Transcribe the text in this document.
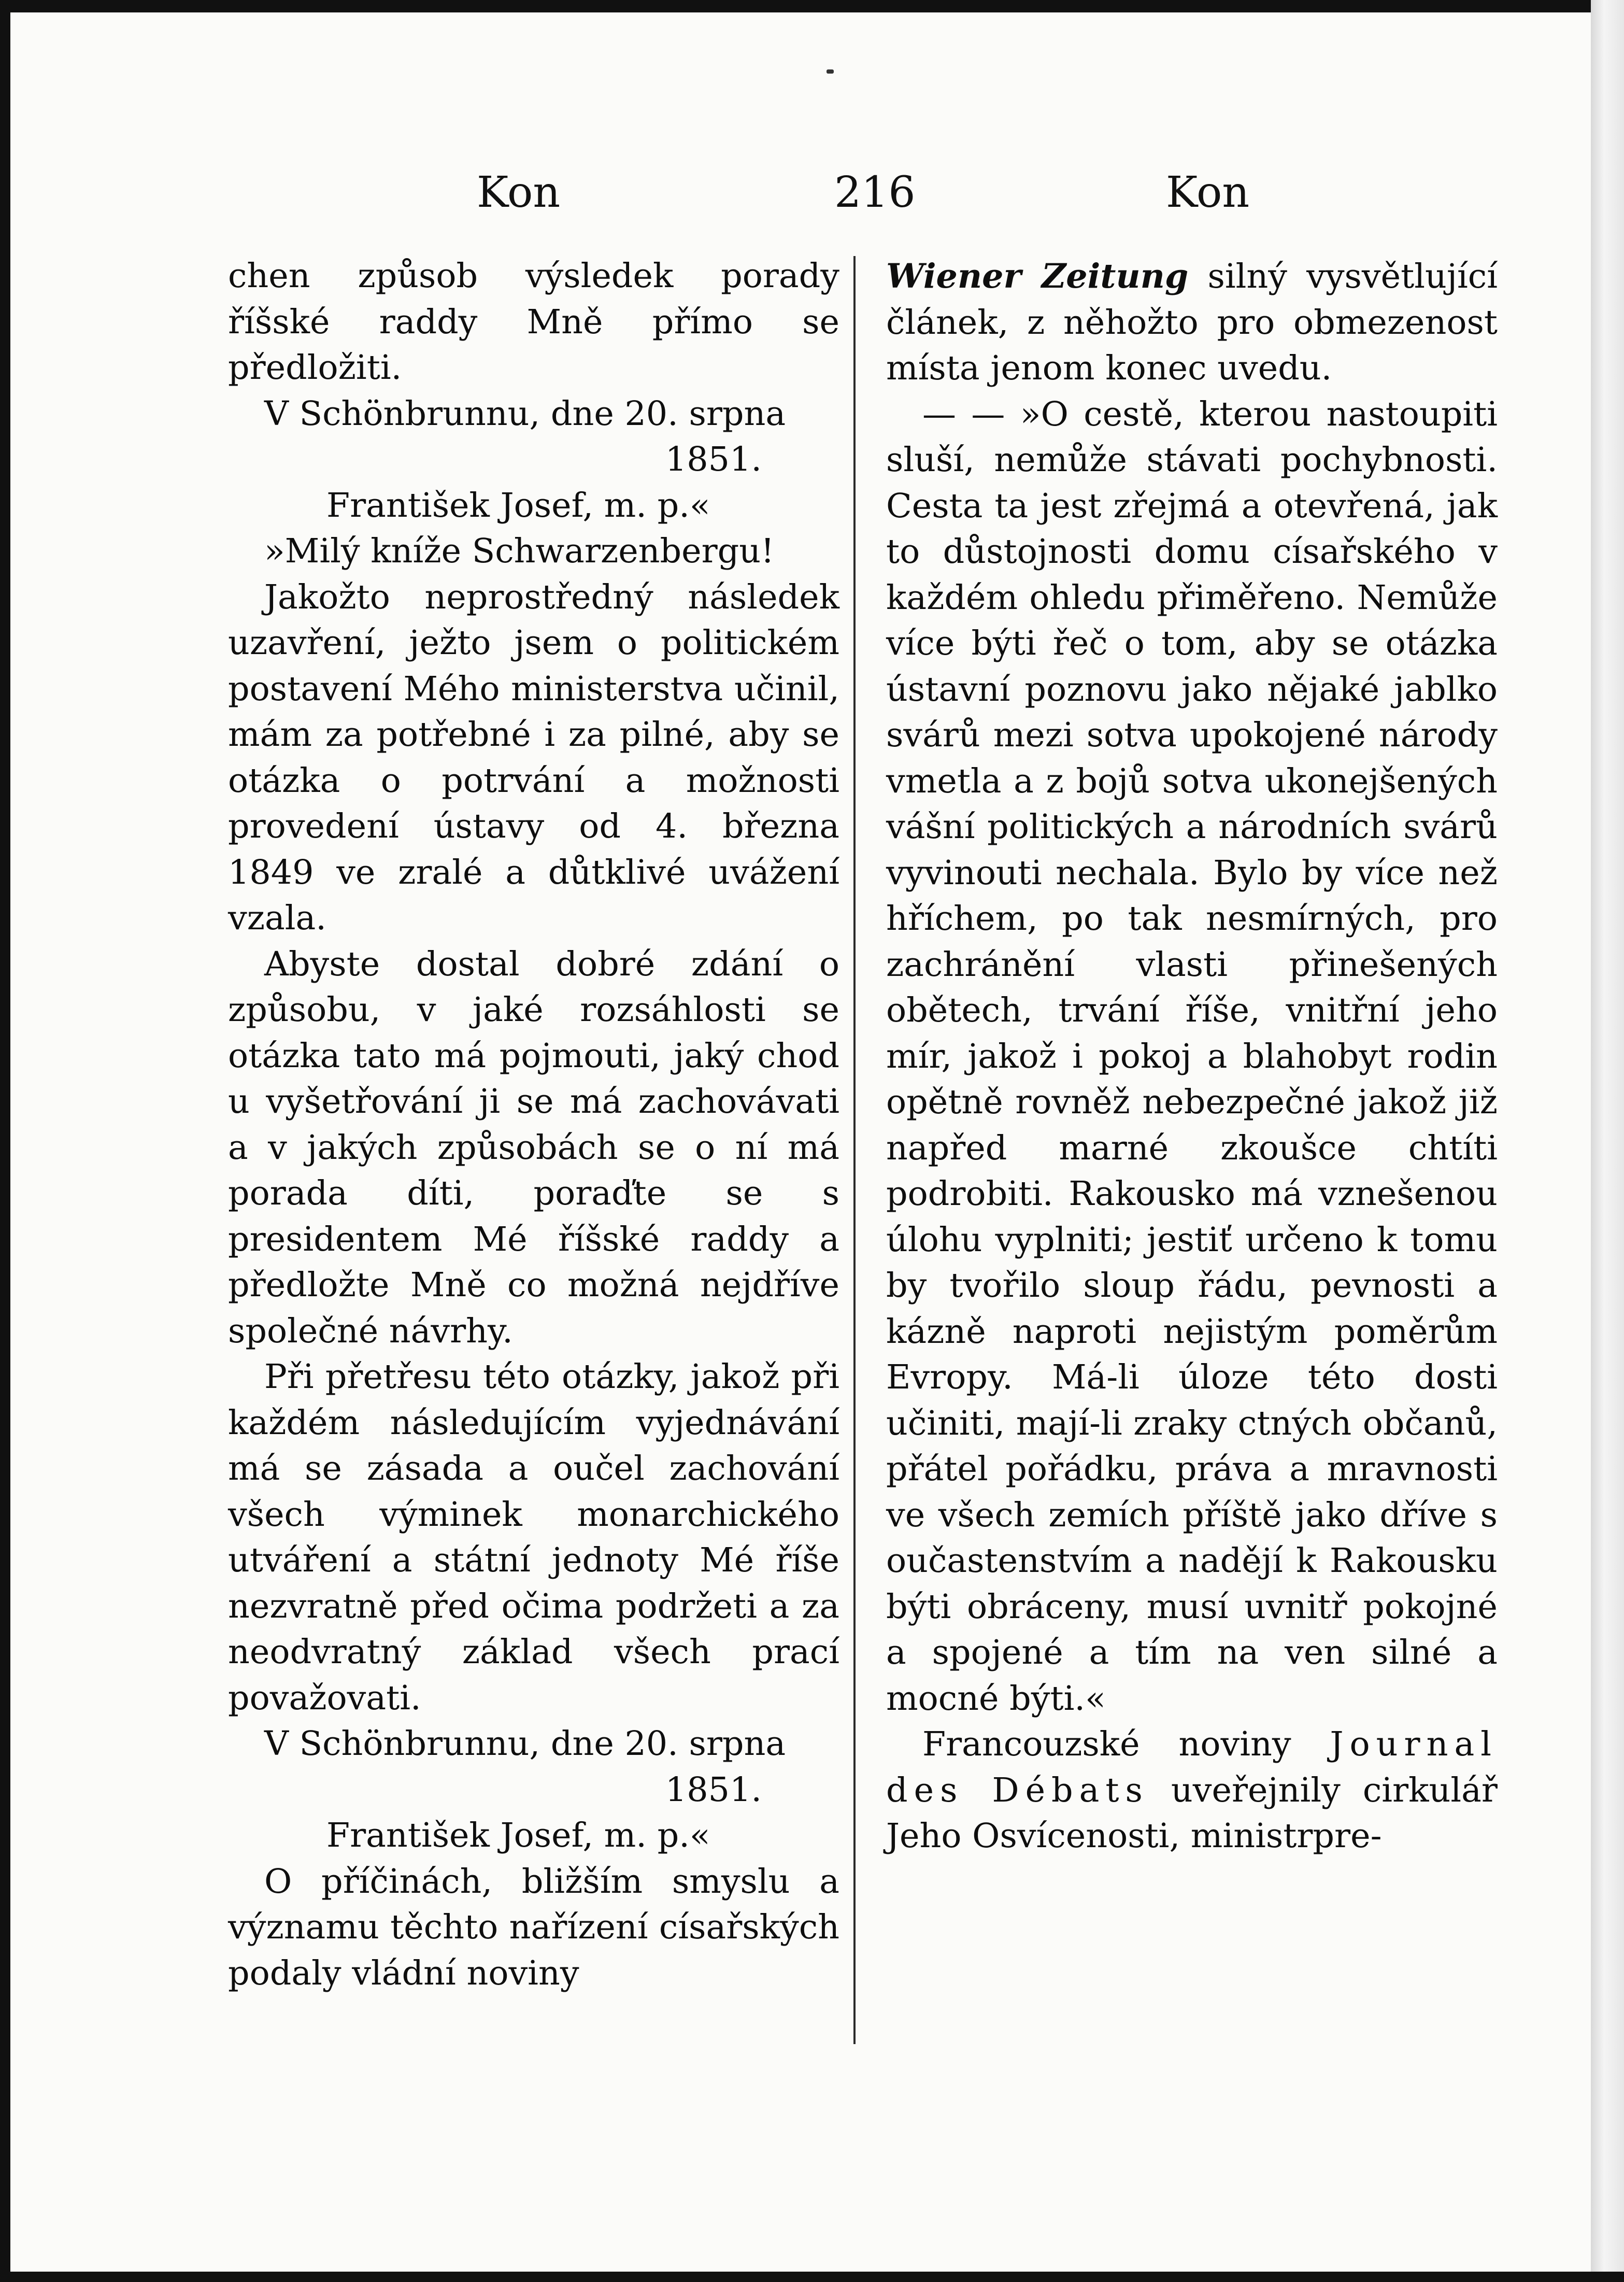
Kon	216	Kon

chen způsob výsledek porady říšské raddy Mně přímo se předložiti.

V Schönbrunnu, dne 20. srpna

1851.

František Josef, m. p.«

»Milý kníže Schwarzenbergu!

Jakožto neprostředný následek uzavření, ježto jsem o politickém postavení Mého ministerstva učinil, mám za potřebné i za pilné, aby se otázka o potrvání a možnosti provedení ústavy od 4. března 1849 ve zralé a důtklivé uvážení vzala.

Abyste dostal dobré zdání o způsobu, v jaké rozsáhlosti se otázka tato má pojmouti, jaký chod u vyšetřování ji se má zachovávati a v jakých způsobách se o ní má porada díti, poraďte se s presidentem Mé říšské raddy a předložte Mně co možná nejdříve společné návrhy.

Při přetřesu této otázky, jakož při každém následujícím vyjednávání má se zásada a oučel zachování všech výminek monarchického utváření a státní jednoty Mé říše nezvratně před očima podržeti a za neodvratný základ všech prací považovati.

V Schönbrunnu, dne 20. srpna

1851.

František Josef, m. p.«

O příčinách, bližším smyslu a významu těchto nařízení císařských podaly vládní noviny

Wiener Zeitung silný vysvětlující článek, z něhožto pro obmezenost místa jenom konec uvedu.

— — »O cestě, kterou nastoupiti sluší, nemůže stávati pochybnosti. Cesta ta jest zřejmá a otevřená, jak to důstojnosti domu císařského v každém ohledu přiměřeno. Nemůže více býti řeč o tom, aby se otázka ústavní poznovu jako nějaké jablko svárů mezi sotva upokojené národy vmetla a z bojů sotva ukonejšených vášní politických a národních svárů vyvinouti nechala. Bylo by více než hříchem, po tak nesmírných, pro zachránění vlasti přinešených obětech, trvání říše, vnitřní jeho mír, jakož i pokoj a blahobyt rodin opětně rovněž nebezpečné jakož již napřed marné zkoušce chtíti podrobiti. Rakousko má vznešenou úlohu vyplniti; jestiť určeno k tomu by tvořilo sloup řádu, pevnosti a kázně naproti nejistým poměrům Evropy. Má-li úloze této dosti učiniti, mají-li zraky ctných občanů, přátel pořádku, práva a mravnosti ve všech zemích příště jako dříve s oučastenstvím a nadějí k Rakousku býti obráceny, musí uvnitř pokojné a spojené a tím na ven silné a mocné býti.«

Francouzské noviny Journal des Débats uveřejnily cirkulář Jeho Osvícenosti, ministrpre-
